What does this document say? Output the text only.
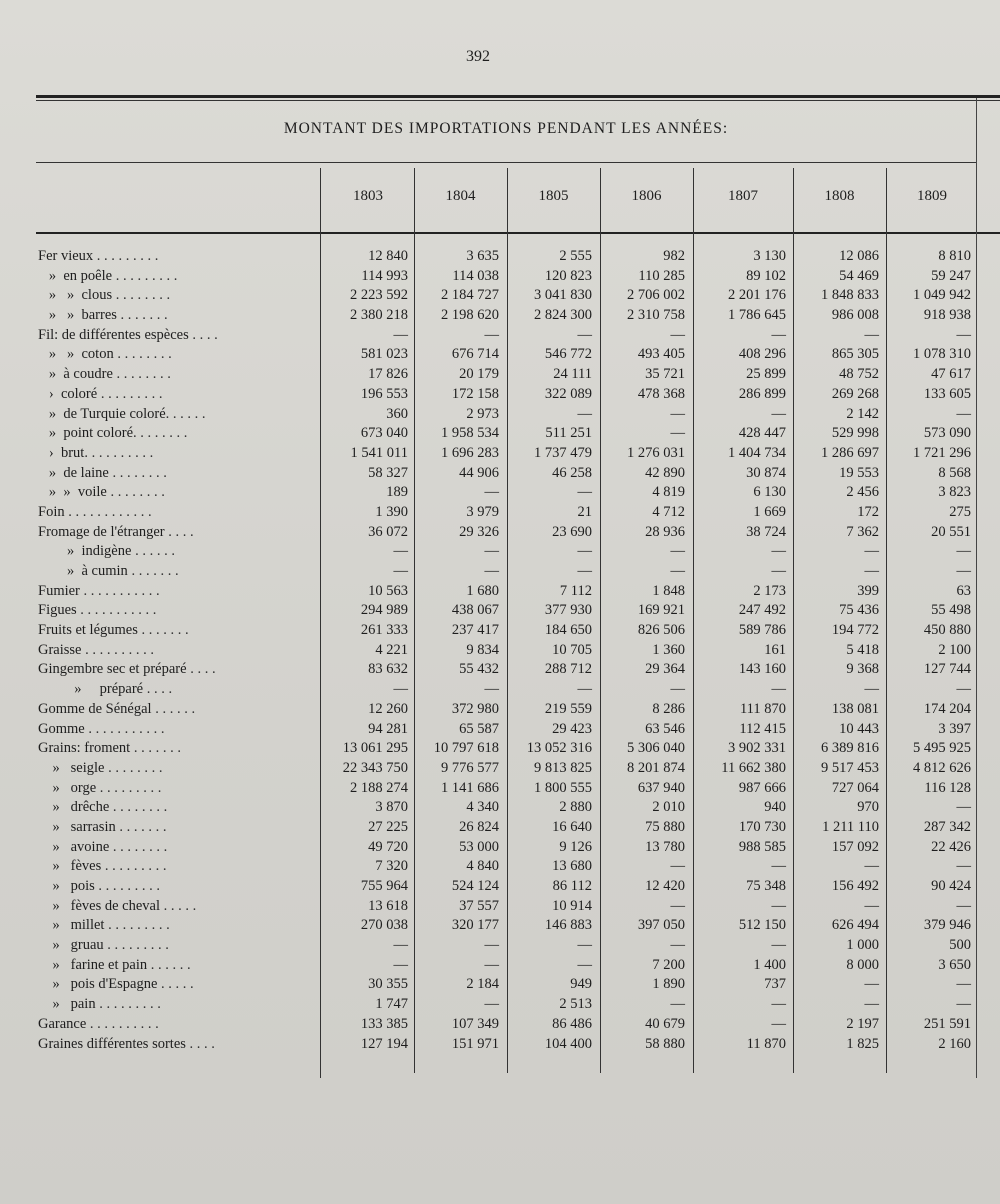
392
MONTANT DES IMPORTATIONS PENDANT LES ANNÉES:
1803	1804	1805	1806	1807	1808	1809
Fer vieux . . . . . . . . .	12 840	3 635	2 555	982	3 130	12 086	8 810
»  en poêle . . . . . . . . .	114 993	114 038	120 823	110 285	89 102	54 469	59 247
»   »  clous . . . . . . . .	2 223 592	2 184 727	3 041 830	2 706 002	2 201 176	1 848 833	1 049 942
»   »  barres . . . . . . .	2 380 218	2 198 620	2 824 300	2 310 758	1 786 645	986 008	918 938
Fil: de différentes espèces . . . .	—	—	—	—	—	—	—
»   »  coton . . . . . . . .	581 023	676 714	546 772	493 405	408 296	865 305	1 078 310
»  à coudre . . . . . . . .	17 826	20 179	24 111	35 721	25 899	48 752	47 617
›  coloré . . . . . . . . .	196 553	172 158	322 089	478 368	286 899	269 268	133 605
»  de Turquie coloré. . . . . .	360	2 973	—	—	—	2 142	—
»  point coloré. . . . . . . .	673 040	1 958 534	511 251	—	428 447	529 998	573 090
›  brut. . . . . . . . . .	1 541 011	1 696 283	1 737 479	1 276 031	1 404 734	1 286 697	1 721 296
»  de laine . . . . . . . .	58 327	44 906	46 258	42 890	30 874	19 553	8 568
»  »  voile . . . . . . . .	189	—	—	4 819	6 130	2 456	3 823
Foin . . . . . . . . . . . .	1 390	3 979	21	4 712	1 669	172	275
Fromage de l'étranger . . . .	36 072	29 326	23 690	28 936	38 724	7 362	20 551
»  indigène . . . . . .	—	—	—	—	—	—	—
»  à cumin . . . . . . .	—	—	—	—	—	—	—
Fumier . . . . . . . . . . .	10 563	1 680	7 112	1 848	2 173	399	63
Figues . . . . . . . . . . .	294 989	438 067	377 930	169 921	247 492	75 436	55 498
Fruits et légumes . . . . . . .	261 333	237 417	184 650	826 506	589 786	194 772	450 880
Graisse . . . . . . . . . .	4 221	9 834	10 705	1 360	161	5 418	2 100
Gingembre sec et préparé . . . .	83 632	55 432	288 712	29 364	143 160	9 368	127 744
»     préparé . . . .	—	—	—	—	—	—	—
Gomme de Sénégal . . . . . .	12 260	372 980	219 559	8 286	111 870	138 081	174 204
Gomme . . . . . . . . . . .	94 281	65 587	29 423	63 546	112 415	10 443	3 397
Grains: froment . . . . . . .	13 061 295	10 797 618	13 052 316	5 306 040	3 902 331	6 389 816	5 495 925
»   seigle . . . . . . . .	22 343 750	9 776 577	9 813 825	8 201 874	11 662 380	9 517 453	4 812 626
»   orge . . . . . . . . .	2 188 274	1 141 686	1 800 555	637 940	987 666	727 064	116 128
»   drêche . . . . . . . .	3 870	4 340	2 880	2 010	940	970	—
»   sarrasin . . . . . . .	27 225	26 824	16 640	75 880	170 730	1 211 110	287 342
»   avoine . . . . . . . .	49 720	53 000	9 126	13 780	988 585	157 092	22 426
»   fèves . . . . . . . . .	7 320	4 840	13 680	—	—	—	—
»   pois . . . . . . . . .	755 964	524 124	86 112	12 420	75 348	156 492	90 424
»   fèves de cheval . . . . .	13 618	37 557	10 914	—	—	—	—
»   millet . . . . . . . . .	270 038	320 177	146 883	397 050	512 150	626 494	379 946
»   gruau . . . . . . . . .	—	—	—	—	—	1 000	500
»   farine et pain . . . . . .	—	—	—	7 200	1 400	8 000	3 650
»   pois d'Espagne . . . . .	30 355	2 184	949	1 890	737	—	—
»   pain . . . . . . . . .	1 747	—	2 513	—	—	—	—
Garance . . . . . . . . . .	133 385	107 349	86 486	40 679	—	2 197	251 591
Graines différentes sortes . . . .	127 194	151 971	104 400	58 880	11 870	1 825	2 160
